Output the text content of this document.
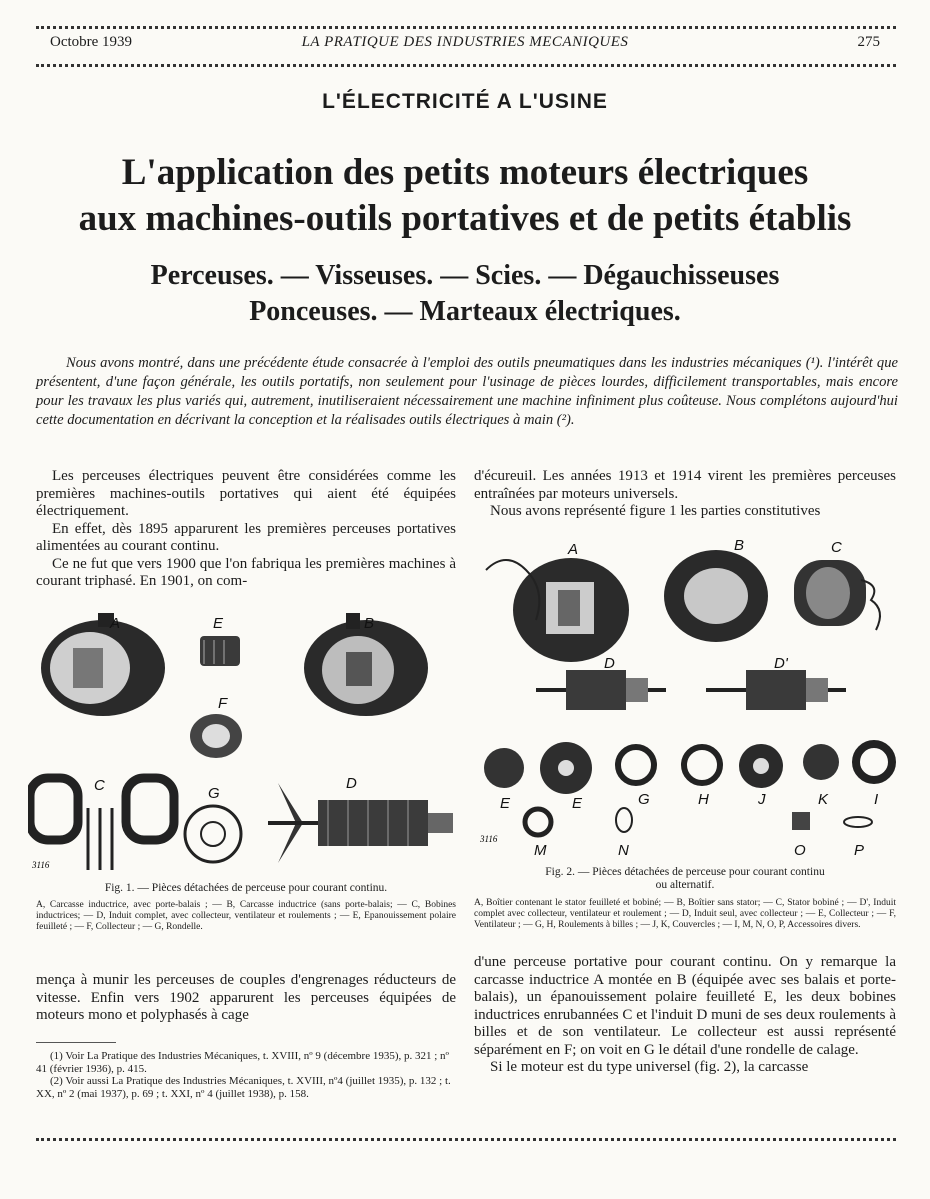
Octobre 1939	LA PRATIQUE DES INDUSTRIES MECANIQUES	275
L'ÉLECTRICITÉ A L'USINE
L'application des petits moteurs électriques
aux machines-outils portatives et de petits établis
Perceuses. — Visseuses. — Scies. — Dégauchisseuses
Ponceuses. — Marteaux électriques.
Nous avons montré, dans une précédente étude consacrée à l'emploi des outils pneumatiques dans les industries mécaniques (¹). l'intérêt que présentent, d'une façon générale, les outils portatifs, non seulement pour l'usinage de pièces lourdes, difficilement transportables, mais encore pour les travaux les plus variés qui, autrement, inutiliseraient nécessairement une machine infiniment plus coûteuse. Nous complétons aujourd'hui cette documentation en décrivant la conception et la réalisades outils électriques à main (²).

Les perceuses électriques peuvent être considérées comme les premières machines-outils portatives qui aient été équipées électriquement.

En effet, dès 1895 apparurent les premières perceuses portatives alimentées au courant continu.

Ce ne fut que vers 1900 que l'on fabriqua les premières machines à courant triphasé. En 1901, on com-

A	E	B
F
C	G
D
3116
Fig. 1. — Pièces détachées de perceuse pour courant continu.
A, Carcasse inductrice, avec porte-balais ; — B, Carcasse inductrice (sans porte-balais; — C, Bobines inductrices; — D, Induit complet, avec collecteur, ventilateur et roulements ; — E, Epanouissement polaire feuilleté ; — F, Collecteur ; — G, Rondelle.

mença à munir les perceuses de couples d'engrenages réducteurs de vitesse. Enfin vers 1902 apparurent les perceuses équipées de moteurs mono et polyphasés à cage

(1) Voir La Pratique des Industries Mécaniques, t. XVIII, nº 9 (décembre 1935), p. 321 ; nº 41 (février 1936), p. 415.

(2) Voir aussi La Pratique des Industries Mécaniques, t. XVIII, nº4 (juillet 1935), p. 132 ; t. XX, nº 2 (mai 1937), p. 69 ; t. XXI, nº 4 (juillet 1938), p. 158.

d'écureuil. Les années 1913 et 1914 virent les premières perceuses entraînées par moteurs universels.

Nous avons représenté figure 1 les parties constitutives

A	B	C
D	D'
E	E	G	H	J	K	I
M	N	O	P
3116
Fig. 2. — Pièces détachées de perceuse pour courant continu
ou alternatif.
A, Boîtier contenant le stator feuilleté et bobiné; — B, Boîtier sans stator; — C, Stator bobiné ; — D', Induit complet avec collecteur, ventilateur et roulement ; — D, Induit seul, avec collecteur ; — E, Collecteur ; — F, Ventilateur ; — G, H, Roulements à billes ; — J, K, Couvercles ; — I, M, N, O, P, Accessoires divers.

d'une perceuse portative pour courant continu. On y remarque la carcasse inductrice A montée en B (équipée avec ses balais et porte-balais), un épanouissement polaire feuilleté E, les deux bobines inductrices enrubannées C et l'induit D muni de ses deux roulements à billes et de son ventilateur. Le collecteur est aussi représenté séparément en F; on voit en G le détail d'une rondelle de calage.

Si le moteur est du type universel (fig. 2), la carcasse
